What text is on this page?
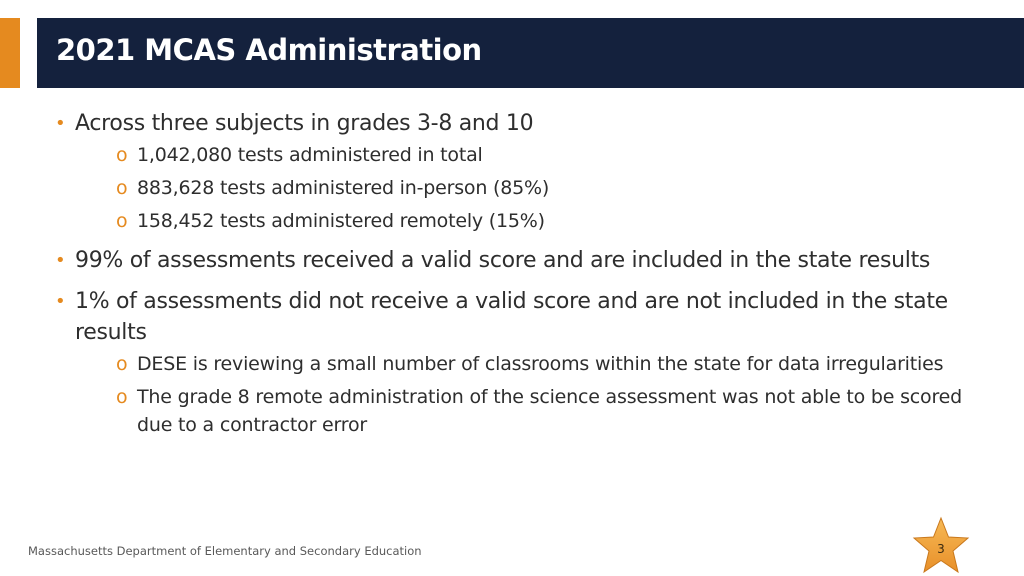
2021 MCAS Administration
• Across three subjects in grades 3-8 and 10
o 1,042,080 tests administered in total
o 883,628 tests administered in-person (85%)
o 158,452 tests administered remotely (15%)
• 99% of assessments received a valid score and are included in the state results
• 1% of assessments did not receive a valid score and are not included in the state results
o DESE is reviewing a small number of classrooms within the state for data irregularities
o The grade 8 remote administration of the science assessment was not able to be scored due to a contractor error
Massachusetts Department of Elementary and Secondary Education	3
